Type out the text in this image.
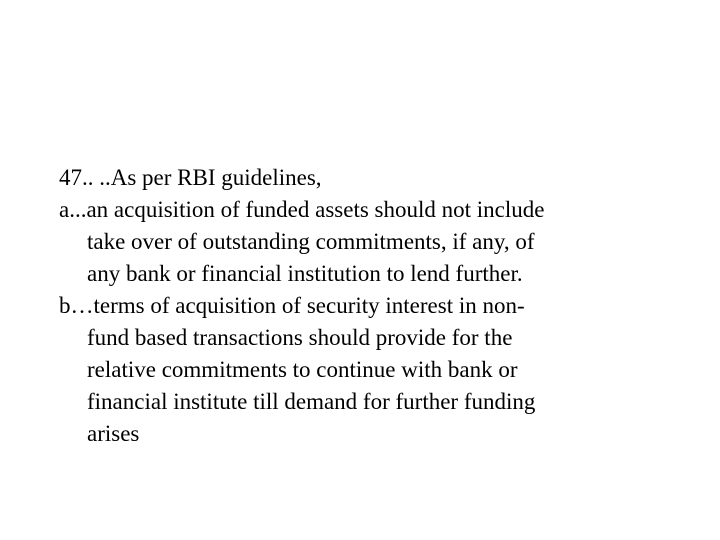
47.. ..As per RBI guidelines,
a...an acquisition of funded assets should not include
take over of outstanding commitments, if any, of
any bank or financial institution to lend further.
b…terms of acquisition of security interest in non-
fund based transactions should provide for the
relative commitments to continue with bank or
financial institute till demand for further funding
arises
